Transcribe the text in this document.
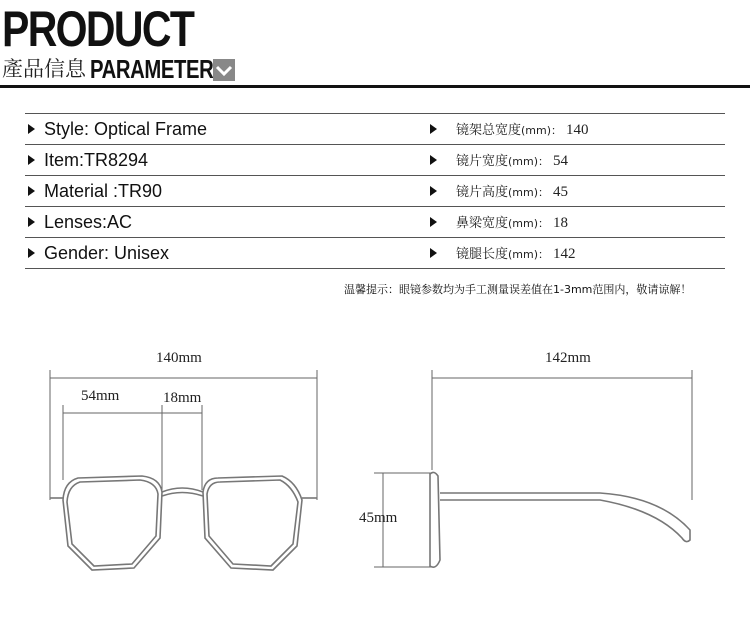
PRODUCT
產品信息 PARAMETER
Style: Optical Frame	镜架总宽度(mm)： 140
Item:TR8294	镜片宽度(mm)： 54
Material :TR90	镜片高度(mm)： 45
Lenses:AC	鼻梁宽度(mm)： 18
Gender: Unisex	镜腿长度(mm)： 142
温馨提示：眼镜参数均为手工测量误差值在1-3mm范围内，敬请谅解！
140mm
54mm	18mm
45mm
142mm
